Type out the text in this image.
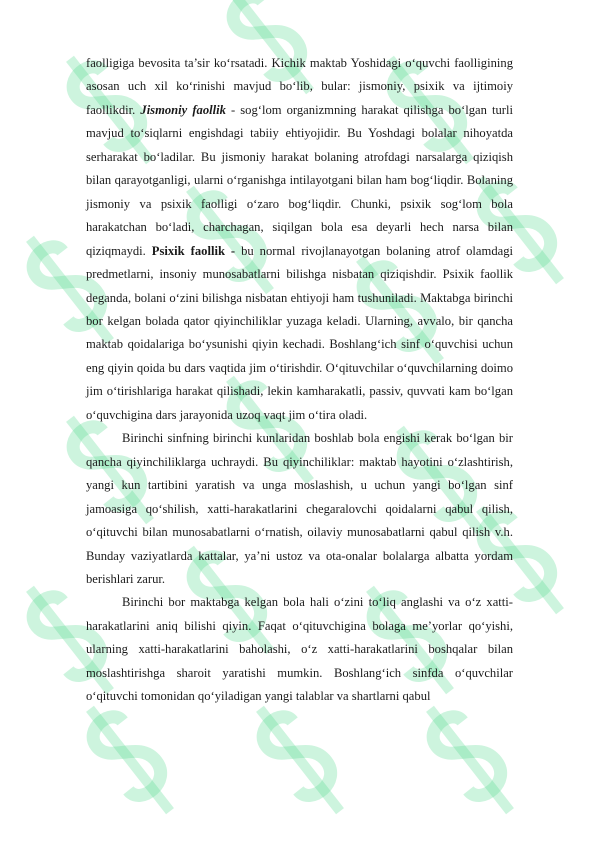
faolligiga bevosita ta’sir ko‘rsatadi. Kichik maktab Yoshidagi o‘quvchi faolligining asosan uch xil ko‘rinishi mavjud bo‘lib, bular: jismoniy, psixik va ijtimoiy faollikdir. Jismoniy faollik - sog‘lom organizmning harakat qilishga bo‘lgan turli mavjud to‘siqlarni engishdagi tabiiy ehtiyojidir. Bu Yoshdagi bolalar nihoyatda serharakat bo‘ladilar. Bu jismoniy harakat bolaning atrofdagi narsalarga qiziqish bilan qarayotganligi, ularni o‘rganishga intilayotgani bilan ham bog‘liqdir. Bolaning jismoniy va psixik faolligi o‘zaro bog‘liqdir. Chunki, psixik sog‘lom bola harakatchan bo‘ladi, charchagan, siqilgan bola esa deyarli hech narsa bilan qiziqmaydi. Psixik faollik - bu normal rivojlanayotgan bolaning atrof olamdagi predmetlarni, insoniy munosabatlarni bilishga nisbatan qiziqishdir. Psixik faollik deganda, bolani o‘zini bilishga nisbatan ehtiyoji ham tushuniladi. Maktabga birinchi bor kelgan bolada qator qiyinchiliklar yuzaga keladi. Ularning, avvalo, bir qancha maktab qoidalariga bo‘ysunishi qiyin kechadi. Boshlang‘ich sinf o‘quvchisi uchun eng qiyin qoida bu dars vaqtida jim o‘tirishdir. O‘qituvchilar o‘quvchilarning doimo jim o‘tirishlariga harakat qilishadi, lekin kamharakatli, passiv, quvvati kam bo‘lgan o‘quvchigina dars jarayonida uzoq vaqt jim o‘tira oladi.

Birinchi sinfning birinchi kunlaridan boshlab bola engishi kerak bo‘lgan bir qancha qiyinchiliklarga uchraydi. Bu qiyinchiliklar: maktab hayotini o‘zlashtirish, yangi kun tartibini yaratish va unga moslashish, u uchun yangi bo‘lgan sinf jamoasiga qo‘shilish, xatti-harakatlarini chegaralovchi qoidalarni qabul qilish, o‘qituvchi bilan munosabatlarni o‘rnatish, oilaviy munosabatlarni qabul qilish v.h. Bunday vaziyatlarda kattalar, ya’ni ustoz va ota-onalar bolalarga albatta yordam berishlari zarur.

Birinchi bor maktabga kelgan bola hali o‘zini to‘liq anglashi va o‘z xatti-harakatlarini aniq bilishi qiyin. Faqat o‘qituvchigina bolaga me’yorlar qo‘yishi, ularning xatti-harakatlarini baholashi, o‘z xatti-harakatlarini boshqalar bilan moslashtirishga sharoit yaratishi mumkin. Boshlang‘ich sinfda o‘quvchilar o‘qituvchi tomonidan qo‘yiladigan yangi talablar va shartlarni qabul
